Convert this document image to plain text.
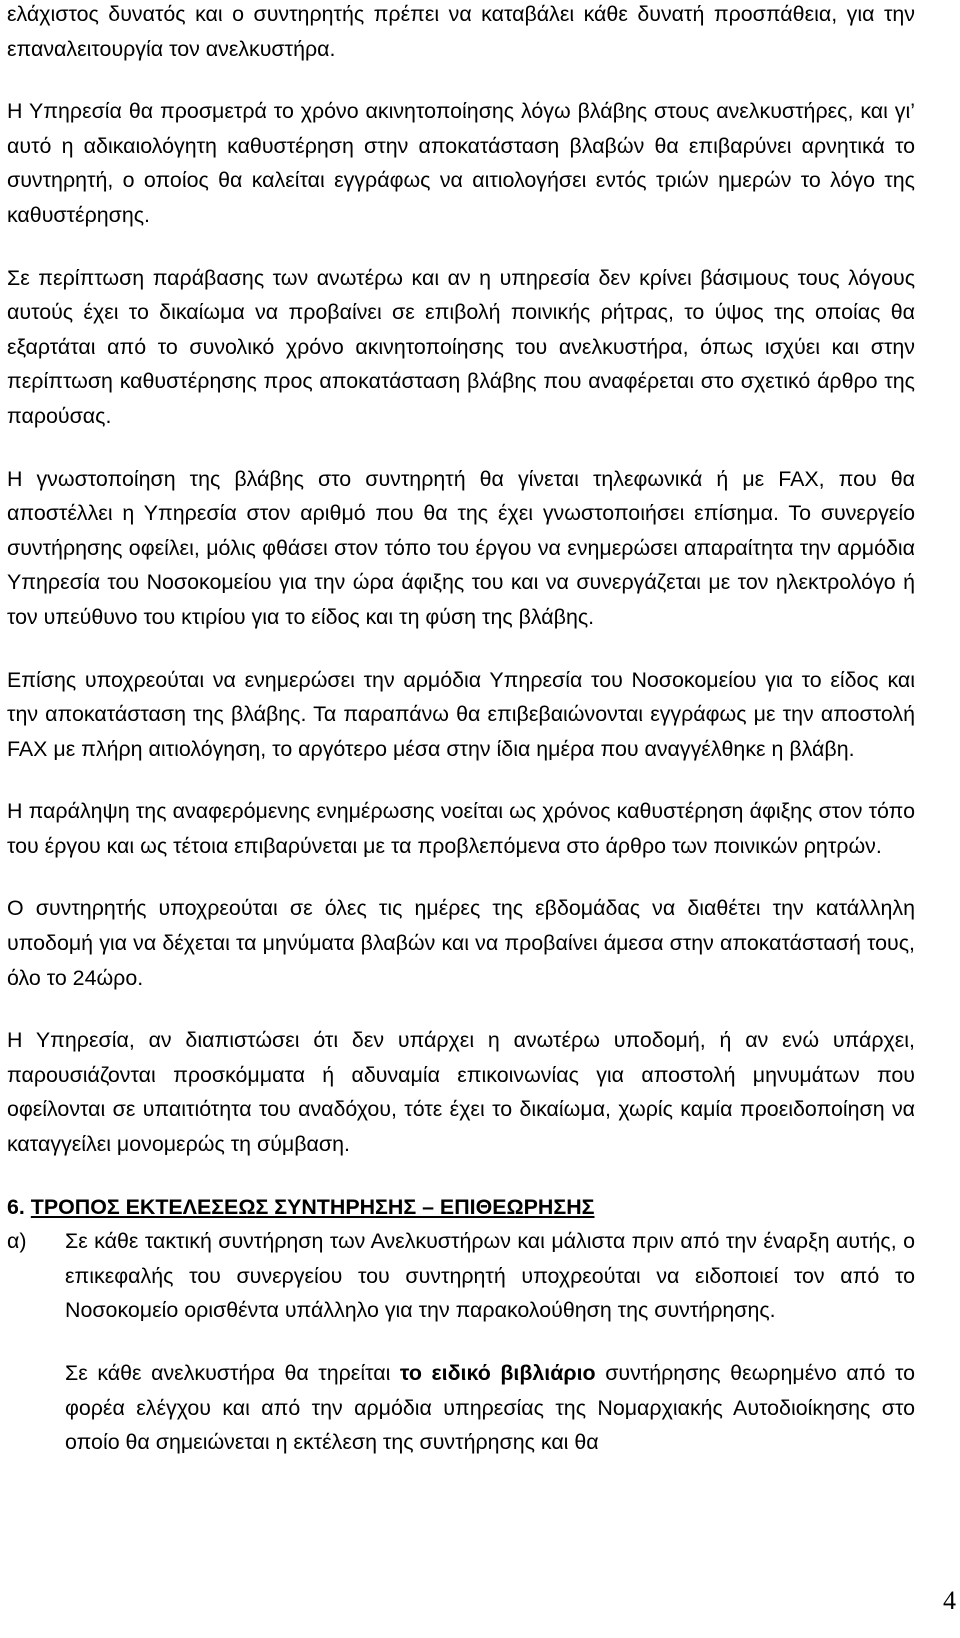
ελάχιστος δυνατός και ο συντηρητής πρέπει να καταβάλει κάθε δυνατή προσπάθεια, για την επαναλειτουργία τον ανελκυστήρα.

Η Υπηρεσία θα προσμετρά το χρόνο ακινητοποίησης λόγω βλάβης στους ανελκυστήρες, και γι’ αυτό η αδικαιολόγητη καθυστέρηση στην αποκατάσταση βλαβών θα επιβαρύνει αρνητικά το συντηρητή, ο οποίος θα καλείται εγγράφως να αιτιολογήσει εντός τριών ημερών το λόγο της καθυστέρησης.

Σε περίπτωση παράβασης των ανωτέρω και αν η υπηρεσία δεν κρίνει βάσιμους τους λόγους αυτούς έχει το δικαίωμα να προβαίνει σε επιβολή ποινικής ρήτρας, το ύψος της οποίας θα εξαρτάται από το συνολικό χρόνο ακινητοποίησης του ανελκυστήρα, όπως ισχύει και στην περίπτωση καθυστέρησης προς αποκατάσταση βλάβης που αναφέρεται στο σχετικό άρθρο της παρούσας.

Η γνωστοποίηση της βλάβης στο συντηρητή θα γίνεται τηλεφωνικά ή με FAX, που θα αποστέλλει η Υπηρεσία στον αριθμό που θα της έχει γνωστοποιήσει επίσημα. Το συνεργείο συντήρησης οφείλει, μόλις φθάσει στον τόπο του έργου να ενημερώσει απαραίτητα την αρμόδια Υπηρεσία του Νοσοκομείου για την ώρα άφιξης του και να συνεργάζεται με τον ηλεκτρολόγο ή τον υπεύθυνο του κτιρίου για το είδος και τη φύση της βλάβης.

Επίσης υποχρεούται να ενημερώσει την αρμόδια Υπηρεσία του Νοσοκομείου για το είδος και την αποκατάσταση της βλάβης. Τα παραπάνω θα επιβεβαιώνονται εγγράφως με την αποστολή FAX με πλήρη αιτιολόγηση, το αργότερο μέσα στην ίδια ημέρα που αναγγέλθηκε η βλάβη.

Η παράληψη της αναφερόμενης ενημέρωσης νοείται ως χρόνος καθυστέρηση άφιξης στον τόπο του έργου και ως τέτοια επιβαρύνεται με τα προβλεπόμενα στο άρθρο των ποινικών ρητρών.

Ο συντηρητής υποχρεούται σε όλες τις ημέρες της εβδομάδας να διαθέτει την κατάλληλη υποδομή για να δέχεται τα μηνύματα βλαβών και να προβαίνει άμεσα στην αποκατάστασή τους, όλο το 24ώρο.

Η Υπηρεσία, αν διαπιστώσει ότι δεν υπάρχει η ανωτέρω υποδομή, ή αν ενώ υπάρχει, παρουσιάζονται προσκόμματα ή αδυναμία επικοινωνίας για αποστολή μηνυμάτων που οφείλονται σε υπαιτιότητα του αναδόχου, τότε έχει το δικαίωμα, χωρίς καμία προειδοποίηση να καταγγείλει μονομερώς τη σύμβαση.

6. ΤΡΟΠΟΣ ΕΚΤΕΛΕΣΕΩΣ ΣΥΝΤΗΡΗΣΗΣ – ΕΠΙΘΕΩΡΗΣΗΣ
α)	Σε κάθε τακτική συντήρηση των Ανελκυστήρων και μάλιστα πριν από την έναρξη αυτής, ο επικεφαλής του συνεργείου του συντηρητή υποχρεούται να ειδοποιεί τον από το Νοσοκομείο ορισθέντα υπάλληλο για την παρακολούθηση της συντήρησης.

Σε κάθε ανελκυστήρα θα τηρείται το ειδικό βιβλιάριο συντήρησης θεωρημένο από το φορέα ελέγχου και από την αρμόδια υπηρεσίας της Νομαρχιακής Αυτοδιοίκησης στο οποίο θα σημειώνεται η εκτέλεση της συντήρησης και θα

4
